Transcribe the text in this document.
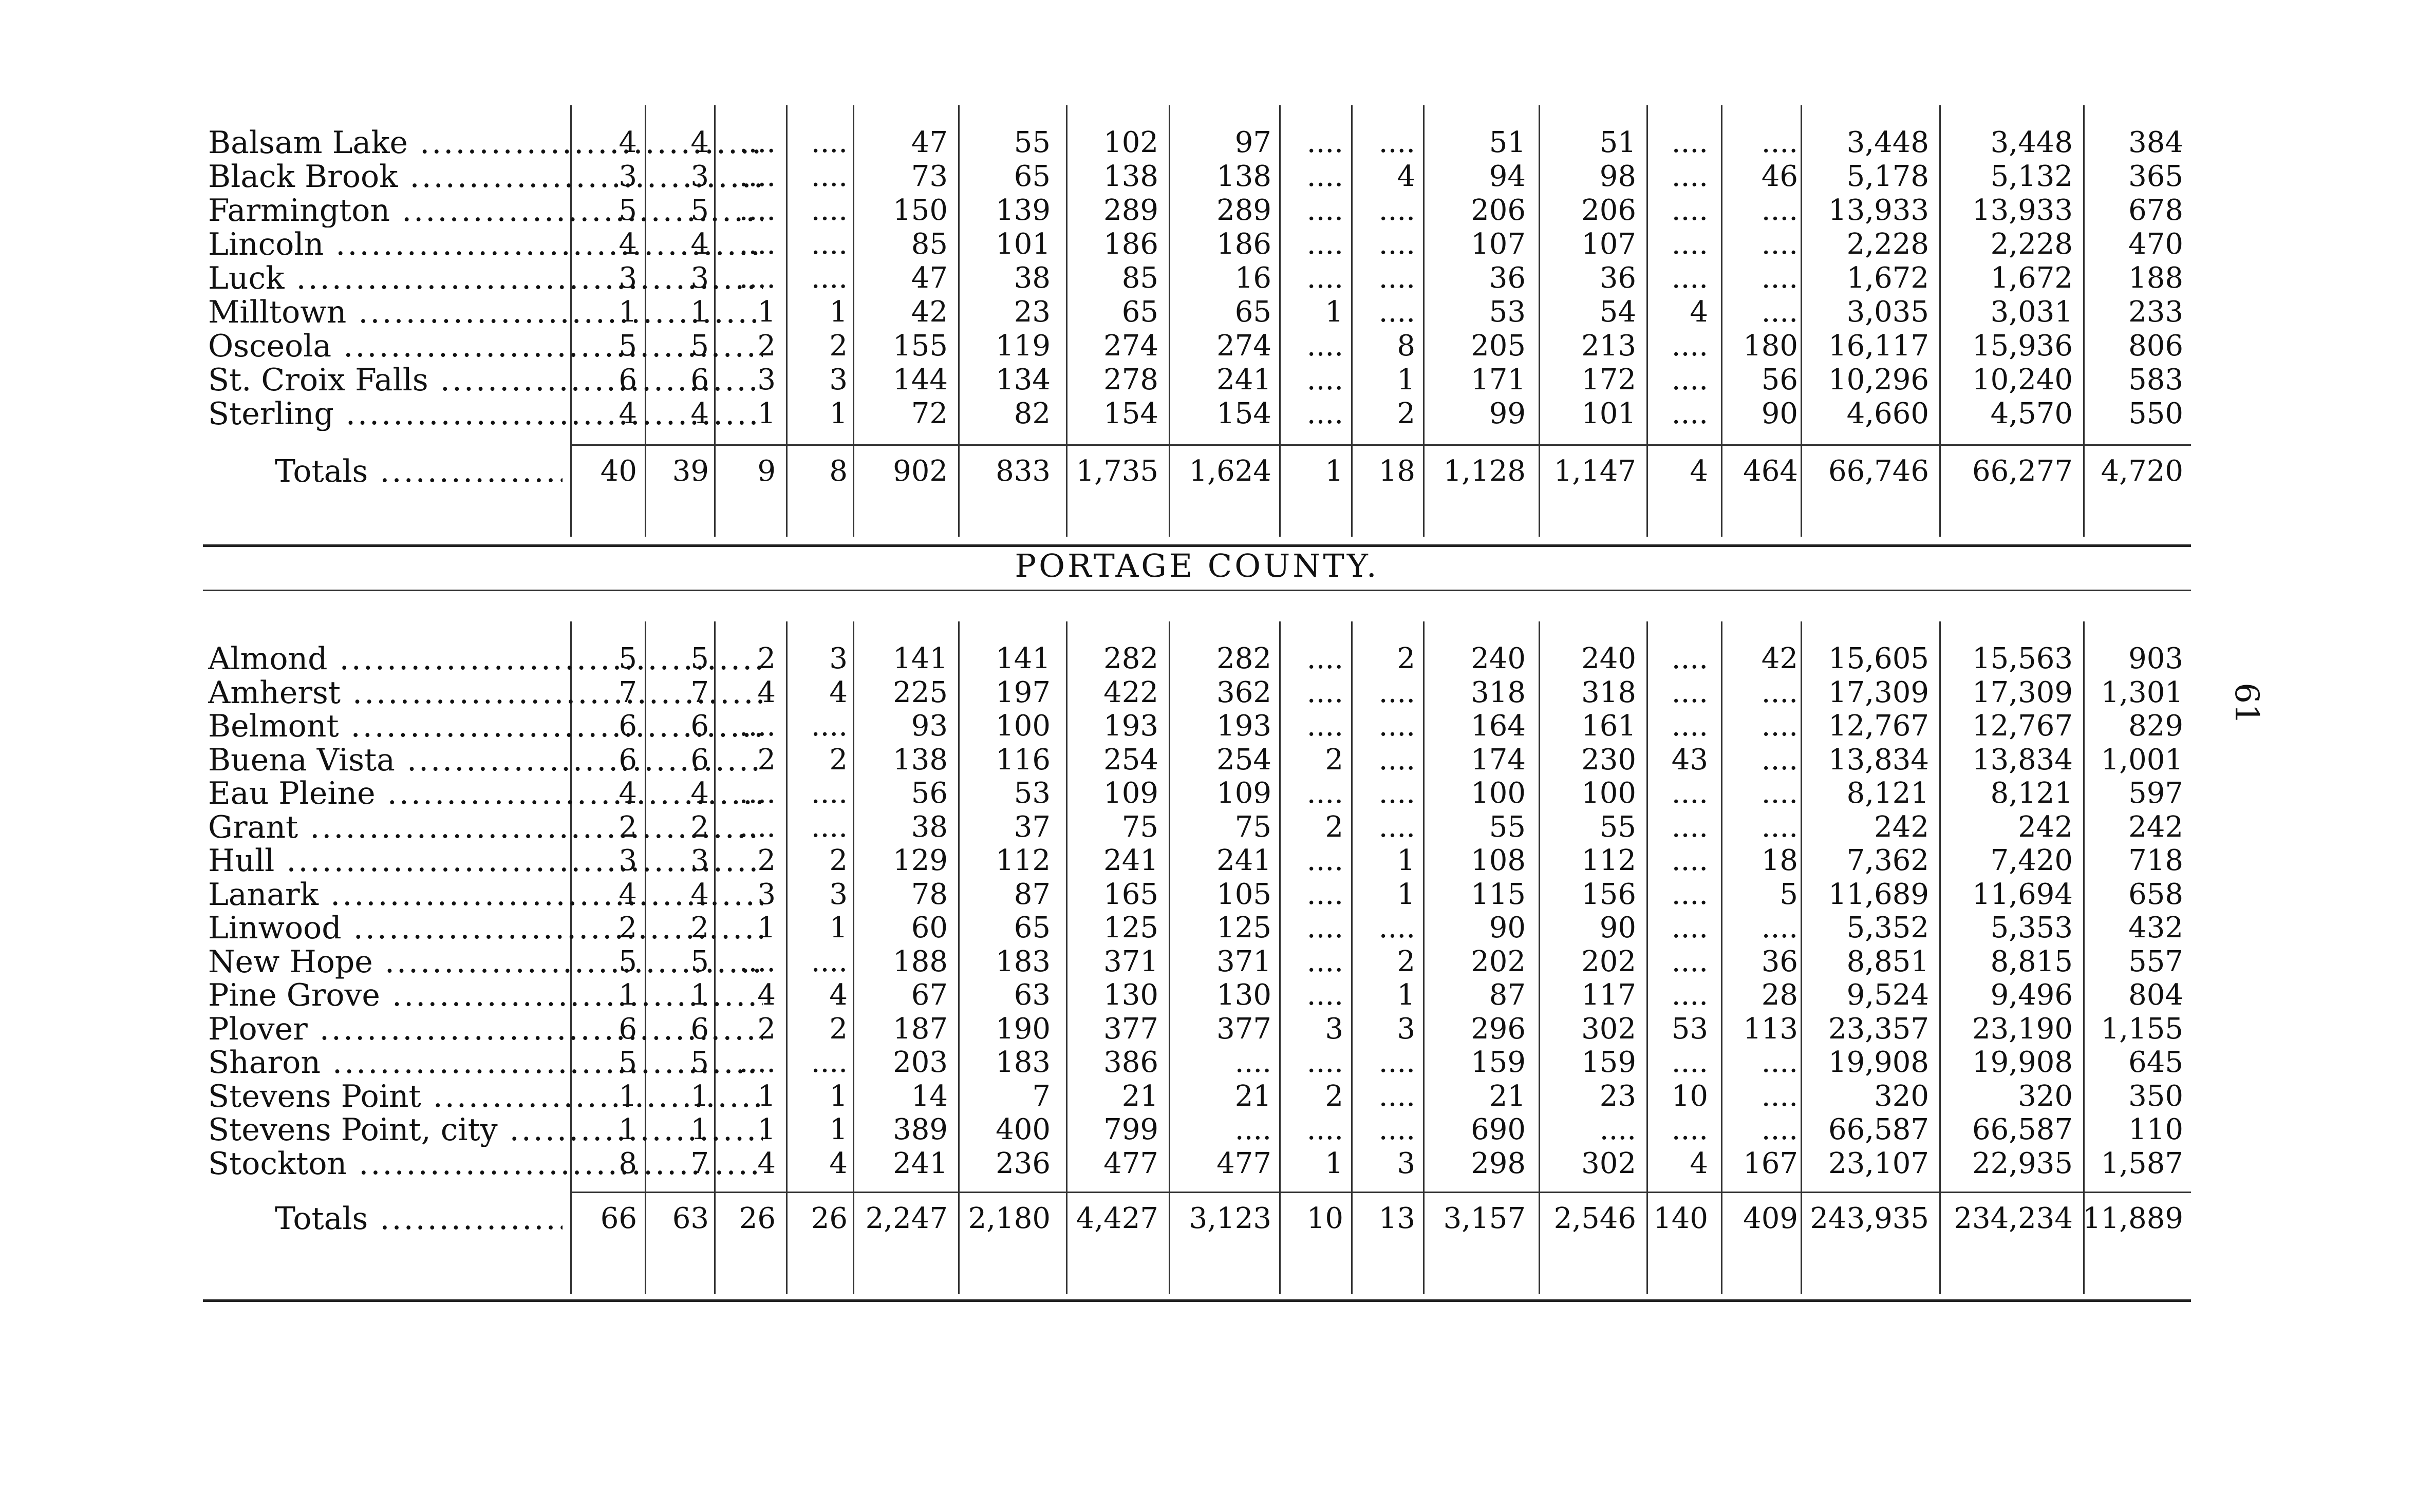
61
Balsam Lake .....	4	4	....	....	47	55	102	97	....	....	51	51	....	....	3,448	3,448	384
Black Brook .....	3	3	....	....	73	65	138	138	....	4	94	98	....	46	5,178	5,132	365
Farmington .....	5	5	....	....	150	139	289	289	....	....	206	206	....	....	13,933	13,933	678
Lincoln .....	4	4	....	....	85	101	186	186	....	....	107	107	....	....	2,228	2,228	470
Luck .....	3	3	....	....	47	38	85	16	....	....	36	36	....	....	1,672	1,672	188
Milltown .....	1	1	1	1	42	23	65	65	1	....	53	54	4	....	3,035	3,031	233
Osceola .....	5	5	2	2	155	119	274	274	....	8	205	213	....	180	16,117	15,936	806
St. Croix Falls .....	6	6	3	3	144	134	278	241	....	1	171	172	....	56	10,296	10,240	583
Sterling .....	4	4	1	1	72	82	154	154	....	2	99	101	....	90	4,660	4,570	550
Totals .....	40	39	9	8	902	833 1,735	1,624	1	18 1,128 1,147	4	464	66,746	66,277 4,720
PORTAGE COUNTY.
Almond .....	5	5	2	3	141	141	282	282	....	2	240	240	....	42	15,605	15,563	903
Amherst .....	7	7	4	4	225	197	422	362	....	....	318	318	....	....	17,309	17,309 1,301
Belmont .....	6	6	....	....	93	100	193	193	....	....	164	161	....	....	12,767	12,767	829
Buena Vista .....	6	6	2	2	138	116	254	254	2	....	174	230	43	....	13,834	13,834 1,001
Eau Pleine .....	4	4	....	....	56	53	109	109	....	....	100	100	....	....	8,121	8,121	597
Grant .....	2	2	....	....	38	37	75	75	2	....	55	55	....	....	242	242	242
Hull .....	3	3	2	2	129	112	241	241	....	1	108	112	....	18	7,362	7,420	718
Lanark .....	4	4	3	3	78	87	165	105	....	1	115	156	....	5	11,689	11,694	658
Linwood .....	2	2	1	1	60	65	125	125	....	....	90	90	....	....	5,352	5,353	432
New Hope .....	5	5	....	....	188	183	371	371	....	2	202	202	....	36	8,851	8,815	557
Pine Grove .....	1	1	4	4	67	63	130	130	....	1	87	117	....	28	9,524	9,496	804
Plover .....	6	6	2	2	187	190	377	377	3	3	296	302	53	113	23,357	23,190 1,155
Sharon .....	5	5	....	....	203	183	386	....	....	....	159	159	....	....	19,908	19,908	645
Stevens Point .....	1	1	1	1	14	7	21	21	2	....	21	23	10	....	320	320	350
Stevens Point, city .....	1	1	1	1	389	400	799	....	....	....	690	....	....	....	66,587	66,587	110
Stockton .....	8	7	4	4	241	236	477	477	1	3	298	302	4	167	23,107	22,935 1,587
Totals .....	66	63	26	26 2,247 2,180 4,427	3,123	10	13 3,157 2,546 140	409 243,935 234,234 11,889
